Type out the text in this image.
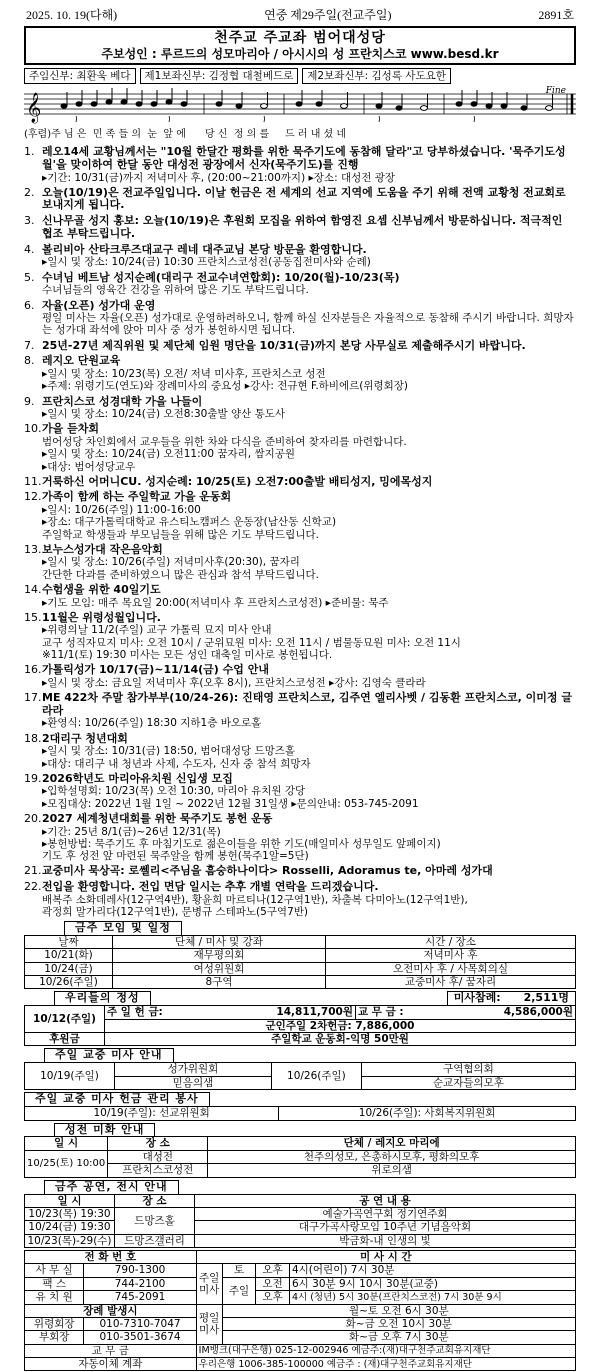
2025. 10. 19(다해)	연중 제29주일(전교주일)	2891호
천주교 주교좌 범어대성당
주보성인 : 루르드의 성모마리아 / 아시시의 성 프란치스코 www.besd.kr
주임신부: 최환욱 베다	제1보좌신부: 김정협 대철베드로	제2보좌신부: 김성록 사도요한
𝄞
Fine
(후렴)주 님 은  민 족 들 의  눈  앞 에      당 신  정 의 를     드 러 내 셨 네
1. 레오14세 교황님께서는 "10월 한달간 평화를 위한 묵주기도에 동참해 달라"고 당부하셨습니다. '묵주기도성월'을 맞이하여 한달 동안 대성전 광장에서 신자(묵주기도)를 진행
▸기간: 10/31(금)까지 저녁미사 후, (20:00~21:00까지) ▸장소: 대성전 광장
2. 오늘(10/19)은 전교주일입니다. 이날 헌금은 전 세계의 선교 지역에 도움을 주기 위해 전액 교황청 전교회로 보내지게 됩니다.
3. 신나무골 성지 홍보: 오늘(10/19)은 후원회 모집을 위하여 함영진 요셉 신부님께서 방문하십니다. 적극적인 협조 부탁드립니다.
4. 볼리비아 산타크루즈대교구 레네 대주교님 본당 방문을 환영합니다.
▸일시 및 장소: 10/24(금) 10:30 프란치스코성전(공동집전미사와 순례)
5. 수녀님 베트남 성지순례(대리구 전교수녀연합회): 10/20(월)-10/23(목)
수녀님들의 영육간 건강을 위하여 많은 기도 부탁드립니다.
6. 자율(오픈) 성가대 운영
평일 미사는 자율(오픈) 성가대로 운영하려하오니, 함께 하실 신자분들은 자율적으로 동참해 주시기 바랍니다. 희망자는 성가대 좌석에 앉아 미사 중 성가 봉헌하시면 됩니다.
7. 25년-27년 제직위원 및 제단체 임원 명단을 10/31(금)까지 본당 사무실로 제출해주시기 바랍니다.
8. 레지오 단원교육
▸일시 및 장소: 10/23(목) 오전/ 저녁 미사후, 프란치스코 성전
▸주제: 위령기도(연도)와 장례미사의 중요성 ▸강사: 전규현 F.하비에르(위령회장)
9. 프란치스코 성경대학 가을 나들이
▸일시 및 장소: 10/24(금) 오전8:30출발 양산 통도사
10. 가을 듣차회
범어성당 차인회에서 교우들을 위한 차와 다식을 준비하여 찾자리를 마련합니다.
▸일시 및 장소: 10/24(금) 오전11:00 꿈자리, 쌈지공원
▸대상: 범어성당교우
11. 거룩하신 어머니CU. 성지순례: 10/25(토) 오전7:00출발 배티성지, 밍에목성지
12. 가족이 함께 하는 주일학교 가을 운동회
▸일시: 10/26(주일) 11:00-16:00
▸장소: 대구가톨릭대학교 유스티노캠퍼스 운동장(남산동 신학교)
주일학교 학생들과 부모님들을 위해 많은 기도 부탁드립니다.
13. 보누스성가대 작은음악회
▸일시 및 장소: 10/26(주일) 저녁미사후(20:30), 꿈자리
간단한 다과를 준비하였으니 많은 관심과 참석 부탁드립니다.
14. 수험생을 위한 40일기도
▸기도 모임: 매주 목요일 20:00(저녁미사 후 프란치스코성전) ▸준비물: 묵주
15. 11월은 위령성월입니다.
▸위령의날 11/2(주일) 교구 가톨릭 묘지 미사 안내
교구 성직자묘지 미사: 오전 10시 / 군위묘원 미사: 오전 11시 / 범물동묘원 미사: 오전 11시
※11/1(토) 19:30 미사는 모든 성인 대축일 미사로 봉헌됩니다.
16. 가톨릭성가 10/17(금)~11/14(금) 수업 안내
▸일시 및 장소: 금요일 저녁미사 후(오후 8시), 프란치스코성전 ▸강사: 김영숙 클라라
17. ME 422차 주말 참가부부(10/24-26): 진태영 프란치스코, 김주연 엘리사벳 / 김동환 프란치스코, 이미정 글라라
▸환영식: 10/26(주일) 18:30 지하1층 바오로홀
18. 2대리구 청년대회
▸일시 및 장소: 10/31(금) 18:50, 범어대성당 드망즈홀
▸대상: 대리구 내 청년과 사제, 수도자, 신자 중 참석 희망자
19. 2026학년도 마리아유치원 신입생 모집
▸입학설명회: 10/23(목) 오전 10:30, 마리아 유치원 강당
▸모집대상: 2022년 1월 1일 ~ 2022년 12월 31일생 ▸문의안내: 053-745-2091
20. 2027 세계청년대회를 위한 묵주기도 봉헌 운동
▸기간: 25년 8/1(금)~26년 12/31(목)
▸봉헌방법: 묵주기도 후 마침기도로 젊은이들을 위한 기도(매일미사 성무일도 앞페이지)
기도 후 성전 앞 마련된 묵주알을 함께 봉헌(묵주1알=5단)
21. 교중미사 묵상곡: 로쎌리<주님을 흠숭하나이다> Rosselli, Adoramus te, 아마레 성가대
22. 전입을 환영합니다. 전입 면담 일시는 추후 개별 연락을 드리겠습니다.
배복주 소화데레사(12구역4반), 황윤희 마르티나(12구역1반), 차출복 다미아노(12구역1반),
곽정희 말가리다(12구역1반), 문병규 스테파노(5구역7반)
금주 모임 및 일정
날짜	단체 / 미사 및 강좌	시간 / 장소
10/21(화)	재무평의회	저녁미사 후
10/24(금)	여성위원회	오전미사 후 / 사목회의실
10/26(주일)	8구역	교중미사 후/ 꿈자리
우리들의 정성	미사참례: 2,511명
10/12(주일)	주 일 헌 금:	14,811,700원	교 무 금 :	4,586,000원
	군인주일 2차헌금: 7,886,000			
후원금	주일학교 운동회-익명 50만원			
주일 교중 미사 안내
10/19(주일)	성가위원회	10/26(주일)	구역협의회
	믿음의샘		순교자들의모후
주일 교중 미사 헌금 관리 봉사
10/19(주일): 선교위원회	10/26(주일): 사회복지위원회
성전 미화 안내
일 시	장 소	단체 / 레지오 마리에
10/25(토) 10:00	대성전	천주의성모, 은총하시모후, 평화의모후
	프란치스코성전	위로의샘
금주 공연, 전시 안내
일 시	장 소	공 연 내 용
10/23(목) 19:30	드망즈홀	예술가곡연구회 정기연주회
10/24(금) 19:30		대구가곡사랑모임 10주년 기념음악회
10/23(목)-29(수)	드망즈갤러리	박금화-내 인생의 빛
전 화 번 호		미 사 시 간			
사 무 실	790-1300	주일
미사	토	오후	4시(어린이) 7시 30분
팩 스	744-2100		주일	오전	6시 30분 9시 10시 30분(교중)
유 치 원	745-2091			오후	4시 (청년) 5시 30분(프란치스코전) 7시 30분 9시
장례 발생시		평일
미사	월~토 오전 6시 30분		
위령회장	010-7310-7047		화~금 오전 10시 30분		
부회장	010-3501-3674		화~금 오후 7시 30분		
교 무 금		IM뱅크(대구은행) 025-12-002946 예금주:(재)대구천주교회유지재단			
자동이체 계좌		우리은행 1006-385-100000 예금주 : (재)대구천주교회유지재단			
